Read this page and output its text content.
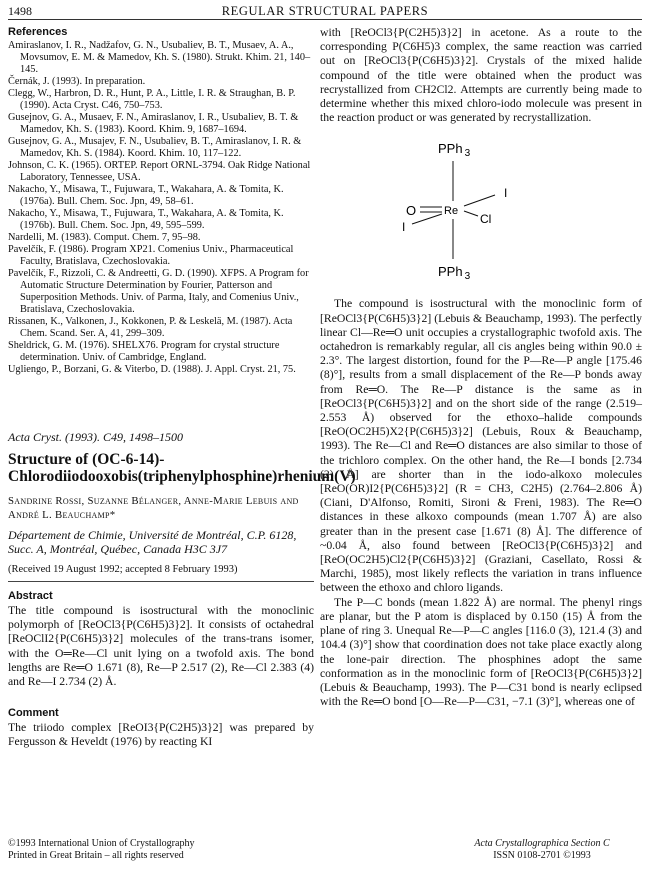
1498	REGULAR STRUCTURAL PAPERS
References

Amiraslanov, I. R., Nadžafov, G. N., Usubaliev, B. T., Musaev, A. A., Movsumov, E. M. & Mamedov, Kh. S. (1980). Strukt. Khim. 21, 140–145.

Černák, J. (1993). In preparation.

Clegg, W., Harbron, D. R., Hunt, P. A., Little, I. R. & Straughan, B. P. (1990). Acta Cryst. C46, 750–753.

Gusejnov, G. A., Musaev, F. N., Amiraslanov, I. R., Usubaliev, B. T. & Mamedov, Kh. S. (1983). Koord. Khim. 9, 1687–1694.

Gusejnov, G. A., Musajev, F. N., Usubaliev, B. T., Amiraslanov, I. R. & Mamedov, Kh. S. (1984). Koord. Khim. 10, 117–122.

Johnson, C. K. (1965). ORTEP. Report ORNL-3794. Oak Ridge National Laboratory, Tennessee, USA.

Nakacho, Y., Misawa, T., Fujuwara, T., Wakahara, A. & Tomita, K. (1976a). Bull. Chem. Soc. Jpn, 49, 58–61.

Nakacho, Y., Misawa, T., Fujuwara, T., Wakahara, A. & Tomita, K. (1976b). Bull. Chem. Soc. Jpn, 49, 595–599.

Nardelli, M. (1983). Comput. Chem. 7, 95–98.

Pavelčík, F. (1986). Program XP21. Comenius Univ., Pharmaceutical Faculty, Bratislava, Czechoslovakia.

Pavelčík, F., Rizzoli, C. & Andreetti, G. D. (1990). XFPS. A Program for Automatic Structure Determination by Fourier, Patterson and Superposition Methods. Univ. of Parma, Italy, and Comenius Univ., Bratislava, Czechoslovakia.

Rissanen, K., Valkonen, J., Kokkonen, P. & Leskelä, M. (1987). Acta Chem. Scand. Ser. A, 41, 299–309.

Sheldrick, G. M. (1976). SHELX76. Program for crystal structure determination. Univ. of Cambridge, England.

Ugliengo, P., Borzani, G. & Viterbo, D. (1988). J. Appl. Cryst. 21, 75.

Acta Cryst. (1993). C49, 1498–1500
Structure of (OC-6-14)-Chlorodiiodooxobis(triphenylphosphine)rhenium(V)
Sandrine Rossi, Suzanne Bélanger, Anne-Marie Lebuis and André L. Beauchamp*
Département de Chimie, Université de Montréal, C.P. 6128, Succ. A, Montréal, Québec, Canada H3C 3J7
(Received 19 August 1992; accepted 8 February 1993)
Abstract

The title compound is isostructural with the monoclinic polymorph of [ReOCl3{P(C6H5)3}2]. It consists of octahedral [ReOClI2{P(C6H5)3}2] molecules of the trans-trans isomer, with the O═Re—Cl unit lying on a twofold axis. The bond lengths are Re═O 1.671 (8), Re—P 2.517 (2), Re—Cl 2.383 (4) and Re—I 2.734 (2) Å.

Comment

The triiodo complex [ReOI3{P(C2H5)3}2] was prepared by Fergusson & Heveldt (1976) by reacting KI

with [ReOCl3{P(C2H5)3}2] in acetone. As a route to the corresponding P(C6H5)3 complex, the same reaction was carried out on [ReOCl3{P(C6H5)3}2]. Crystals of the mixed halide compound of the title were obtained when the product was recrystallized from CH2Cl2. Attempts are currently being made to determine whether this mixed chloro-iodo molecule was present in the reaction product or was generated by recrystallization.

PPh $_3$
PPh $_3$
O	Re
Cl
I
I

The compound is isostructural with the monoclinic form of [ReOCl3{P(C6H5)3}2] (Lebuis & Beauchamp, 1993). The perfectly linear Cl—Re═O unit occupies a crystallographic twofold axis. The octahedron is remarkably regular, all cis angles being within 90.0 ± 2.3°. The largest distortion, found for the P—Re—P angle [175.46 (8)°], results from a small displacement of the Re—P bonds away from Re═O. The Re—P distance is the same as in [ReOCl3{P(C6H5)3}2] and on the short side of the range (2.519–2.553 Å) observed for the ethoxo–halide compounds [ReO(OC2H5)X2{P(C6H5)3}2] (Lebuis, Roux & Beauchamp, 1993). The Re—Cl and Re═O distances are also similar to those of the trichloro complex. On the other hand, the Re—I bonds [2.734 (2) Å] are shorter than in the iodo-alkoxo molecules [ReO(OR)I2{P(C6H5)3}2] (R = CH3, C2H5) (2.764–2.806 Å) (Ciani, D'Alfonso, Romiti, Sironi & Freni, 1983). The Re═O distances in these alkoxo compounds (mean 1.707 Å) are also greater than in the present case [1.671 (8) Å]. The difference of ~0.04 Å, also found between [ReOCl3{P(C6H5)3}2] and [ReO(OC2H5)Cl2{P(C6H5)3}2] (Graziani, Casellato, Rossi & Marchi, 1985), most likely reflects the variation in trans influence between the ethoxo and chloro ligands.

The P—C bonds (mean 1.822 Å) are normal. The phenyl rings are planar, but the P atom is displaced by 0.150 (15) Å from the plane of ring 3. Unequal Re—P—C angles [116.0 (3), 121.4 (3) and 104.4 (3)°] show that coordination does not take place exactly along the lone-pair direction. The phosphines adopt the same conformation as in the monoclinic form of [ReOCl3{P(C6H5)3}2] (Lebuis & Beauchamp, 1993). The P—C31 bond is nearly eclipsed with the Re═O bond [O—Re—P—C31, −7.1 (3)°], whereas one of

©1993 International Union of Crystallography
Printed in Great Britain – all rights reserved
Acta Crystallographica Section C
ISSN 0108-2701 ©1993
